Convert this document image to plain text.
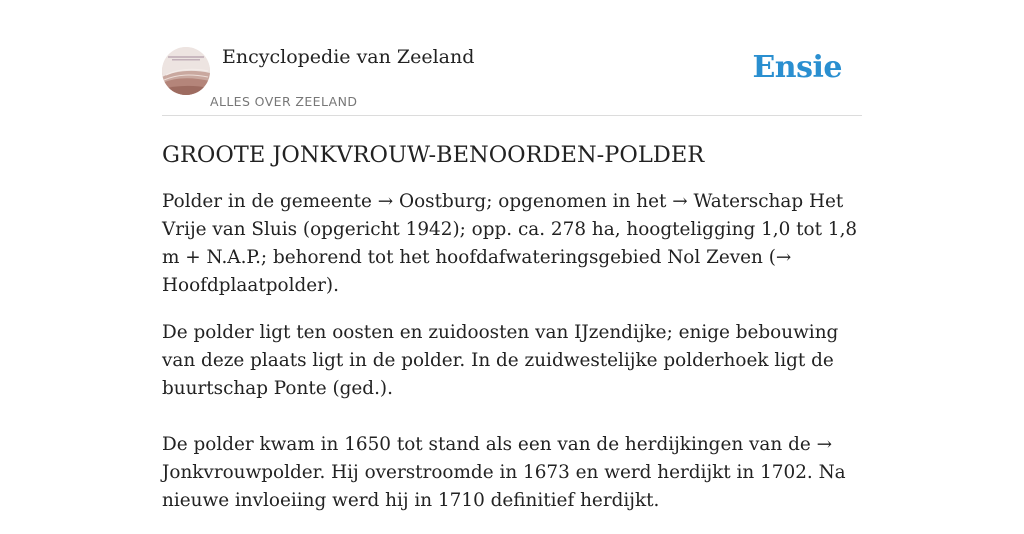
Encyclopedie van Zeeland
ALLES OVER ZEELAND
Ensie
GROOTE JONKVROUW-BENOORDEN-POLDER

Polder in de gemeente → Oostburg; opgenomen in het → Waterschap Het Vrije van Sluis (opgericht 1942); opp. ca. 278 ha, hoogteligging 1,0 tot 1,8 m + N.A.P.; behorend tot het hoofdafwateringsgebied Nol Zeven (→ Hoofdplaatpolder).

De polder ligt ten oosten en zuidoosten van IJzendijke; enige bebouwing van deze plaats ligt in de polder. In de zuidwestelijke polderhoek ligt de buurtschap Ponte (ged.).

De polder kwam in 1650 tot stand als een van de herdijkingen van de → Jonkvrouwpolder. Hij overstroomde in 1673 en werd herdijkt in 1702. Na nieuwe invloeiing werd hij in 1710 definitief herdijkt.
